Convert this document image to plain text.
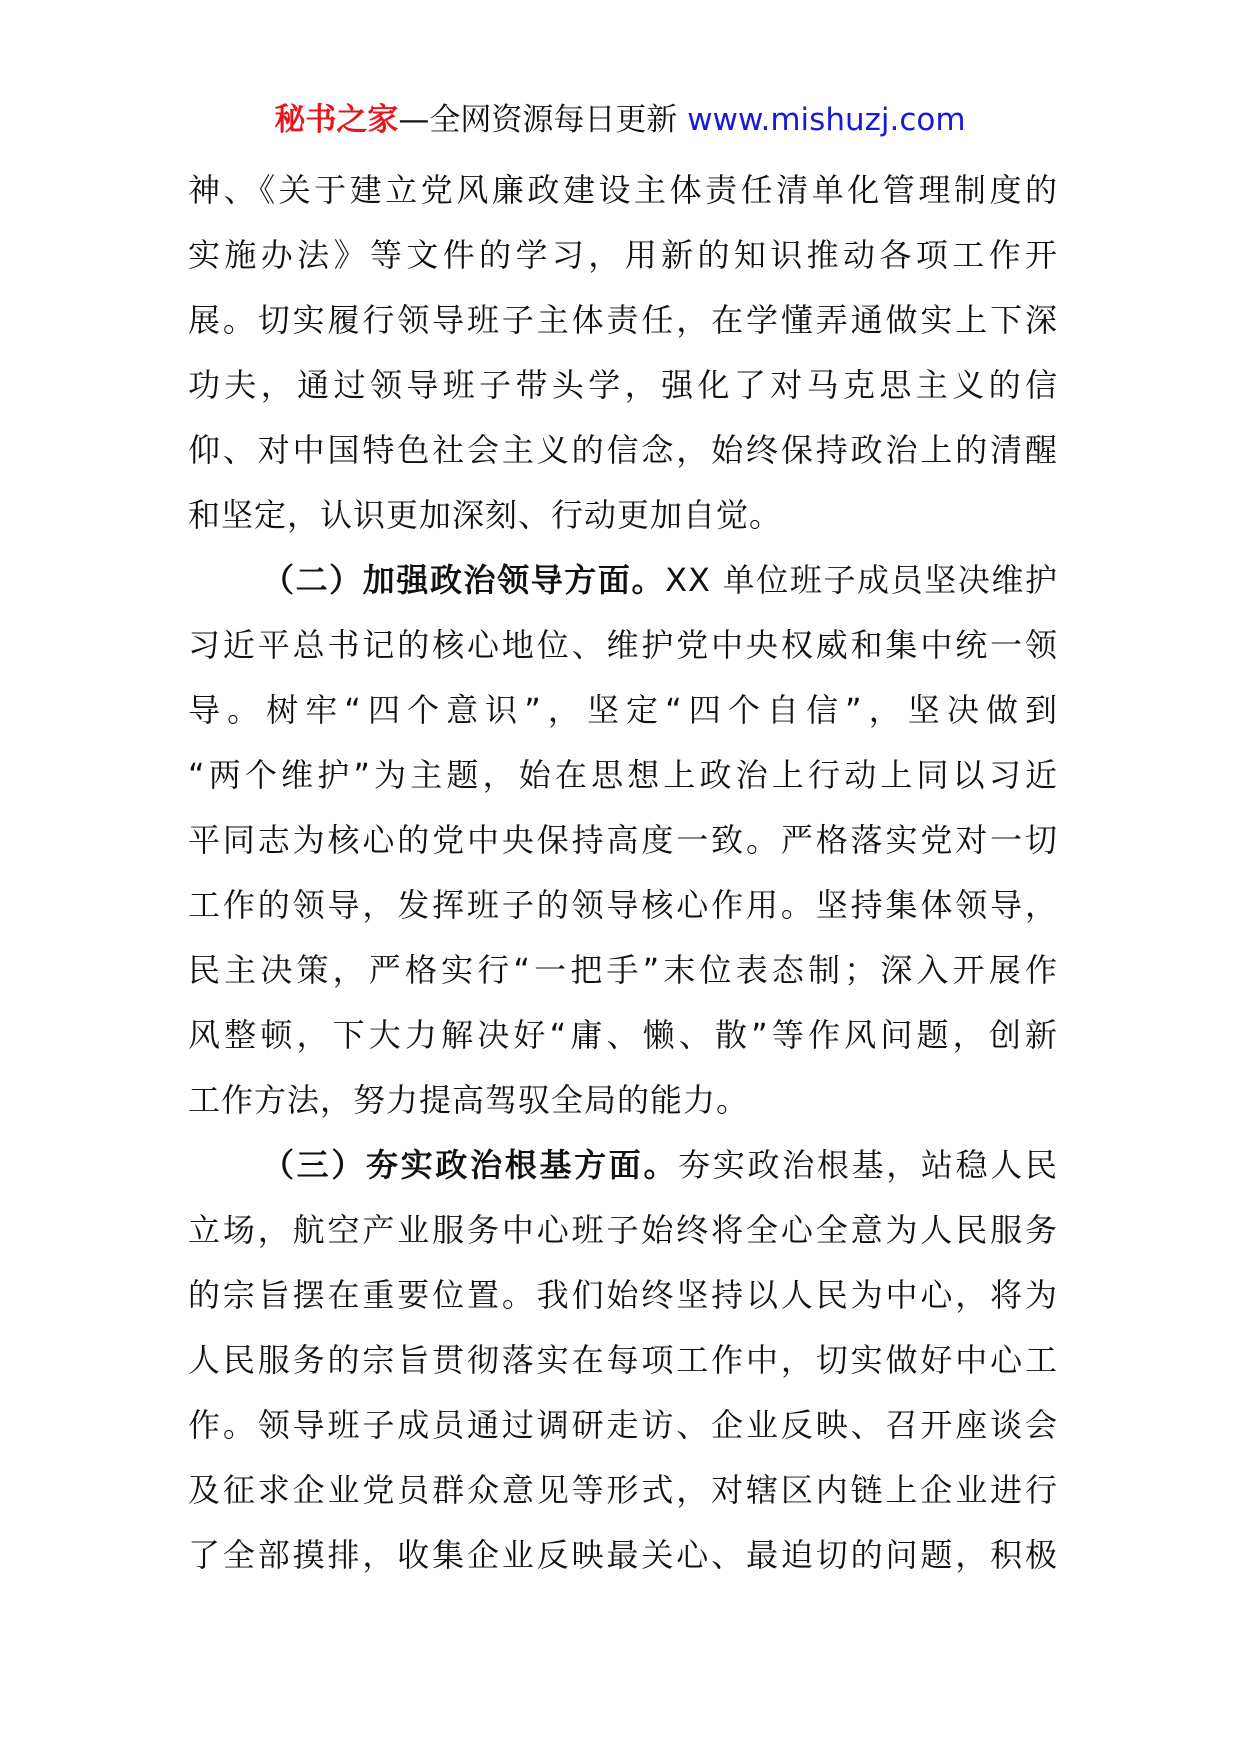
秘书之家—全网资源每日更新 www.mishuzj.com
神、《关于建立党风廉政建设主体责任清单化管理制度的
实施办法》等文件的学习，用新的知识推动各项工作开
展。切实履行领导班子主体责任，在学懂弄通做实上下深
功夫，通过领导班子带头学，强化了对马克思主义的信
仰、对中国特色社会主义的信念，始终保持政治上的清醒
和坚定，认识更加深刻、行动更加自觉。
（二）加强政治领导方面。XX 单位班子成员坚决维护
习近平总书记的核心地位、维护党中央权威和集中统一领
导。树牢“四个意识”，坚定“四个自信”，坚决做到
“两个维护”为主题，始在思想上政治上行动上同以习近
平同志为核心的党中央保持高度一致。严格落实党对一切
工作的领导，发挥班子的领导核心作用。坚持集体领导，
民主决策，严格实行“一把手”末位表态制；深入开展作
风整顿，下大力解决好“庸、懒、散”等作风问题，创新
工作方法，努力提高驾驭全局的能力。
（三）夯实政治根基方面。夯实政治根基，站稳人民
立场，航空产业服务中心班子始终将全心全意为人民服务
的宗旨摆在重要位置。我们始终坚持以人民为中心，将为
人民服务的宗旨贯彻落实在每项工作中，切实做好中心工
作。领导班子成员通过调研走访、企业反映、召开座谈会
及征求企业党员群众意见等形式，对辖区内链上企业进行
了全部摸排，收集企业反映最关心、最迫切的问题，积极
